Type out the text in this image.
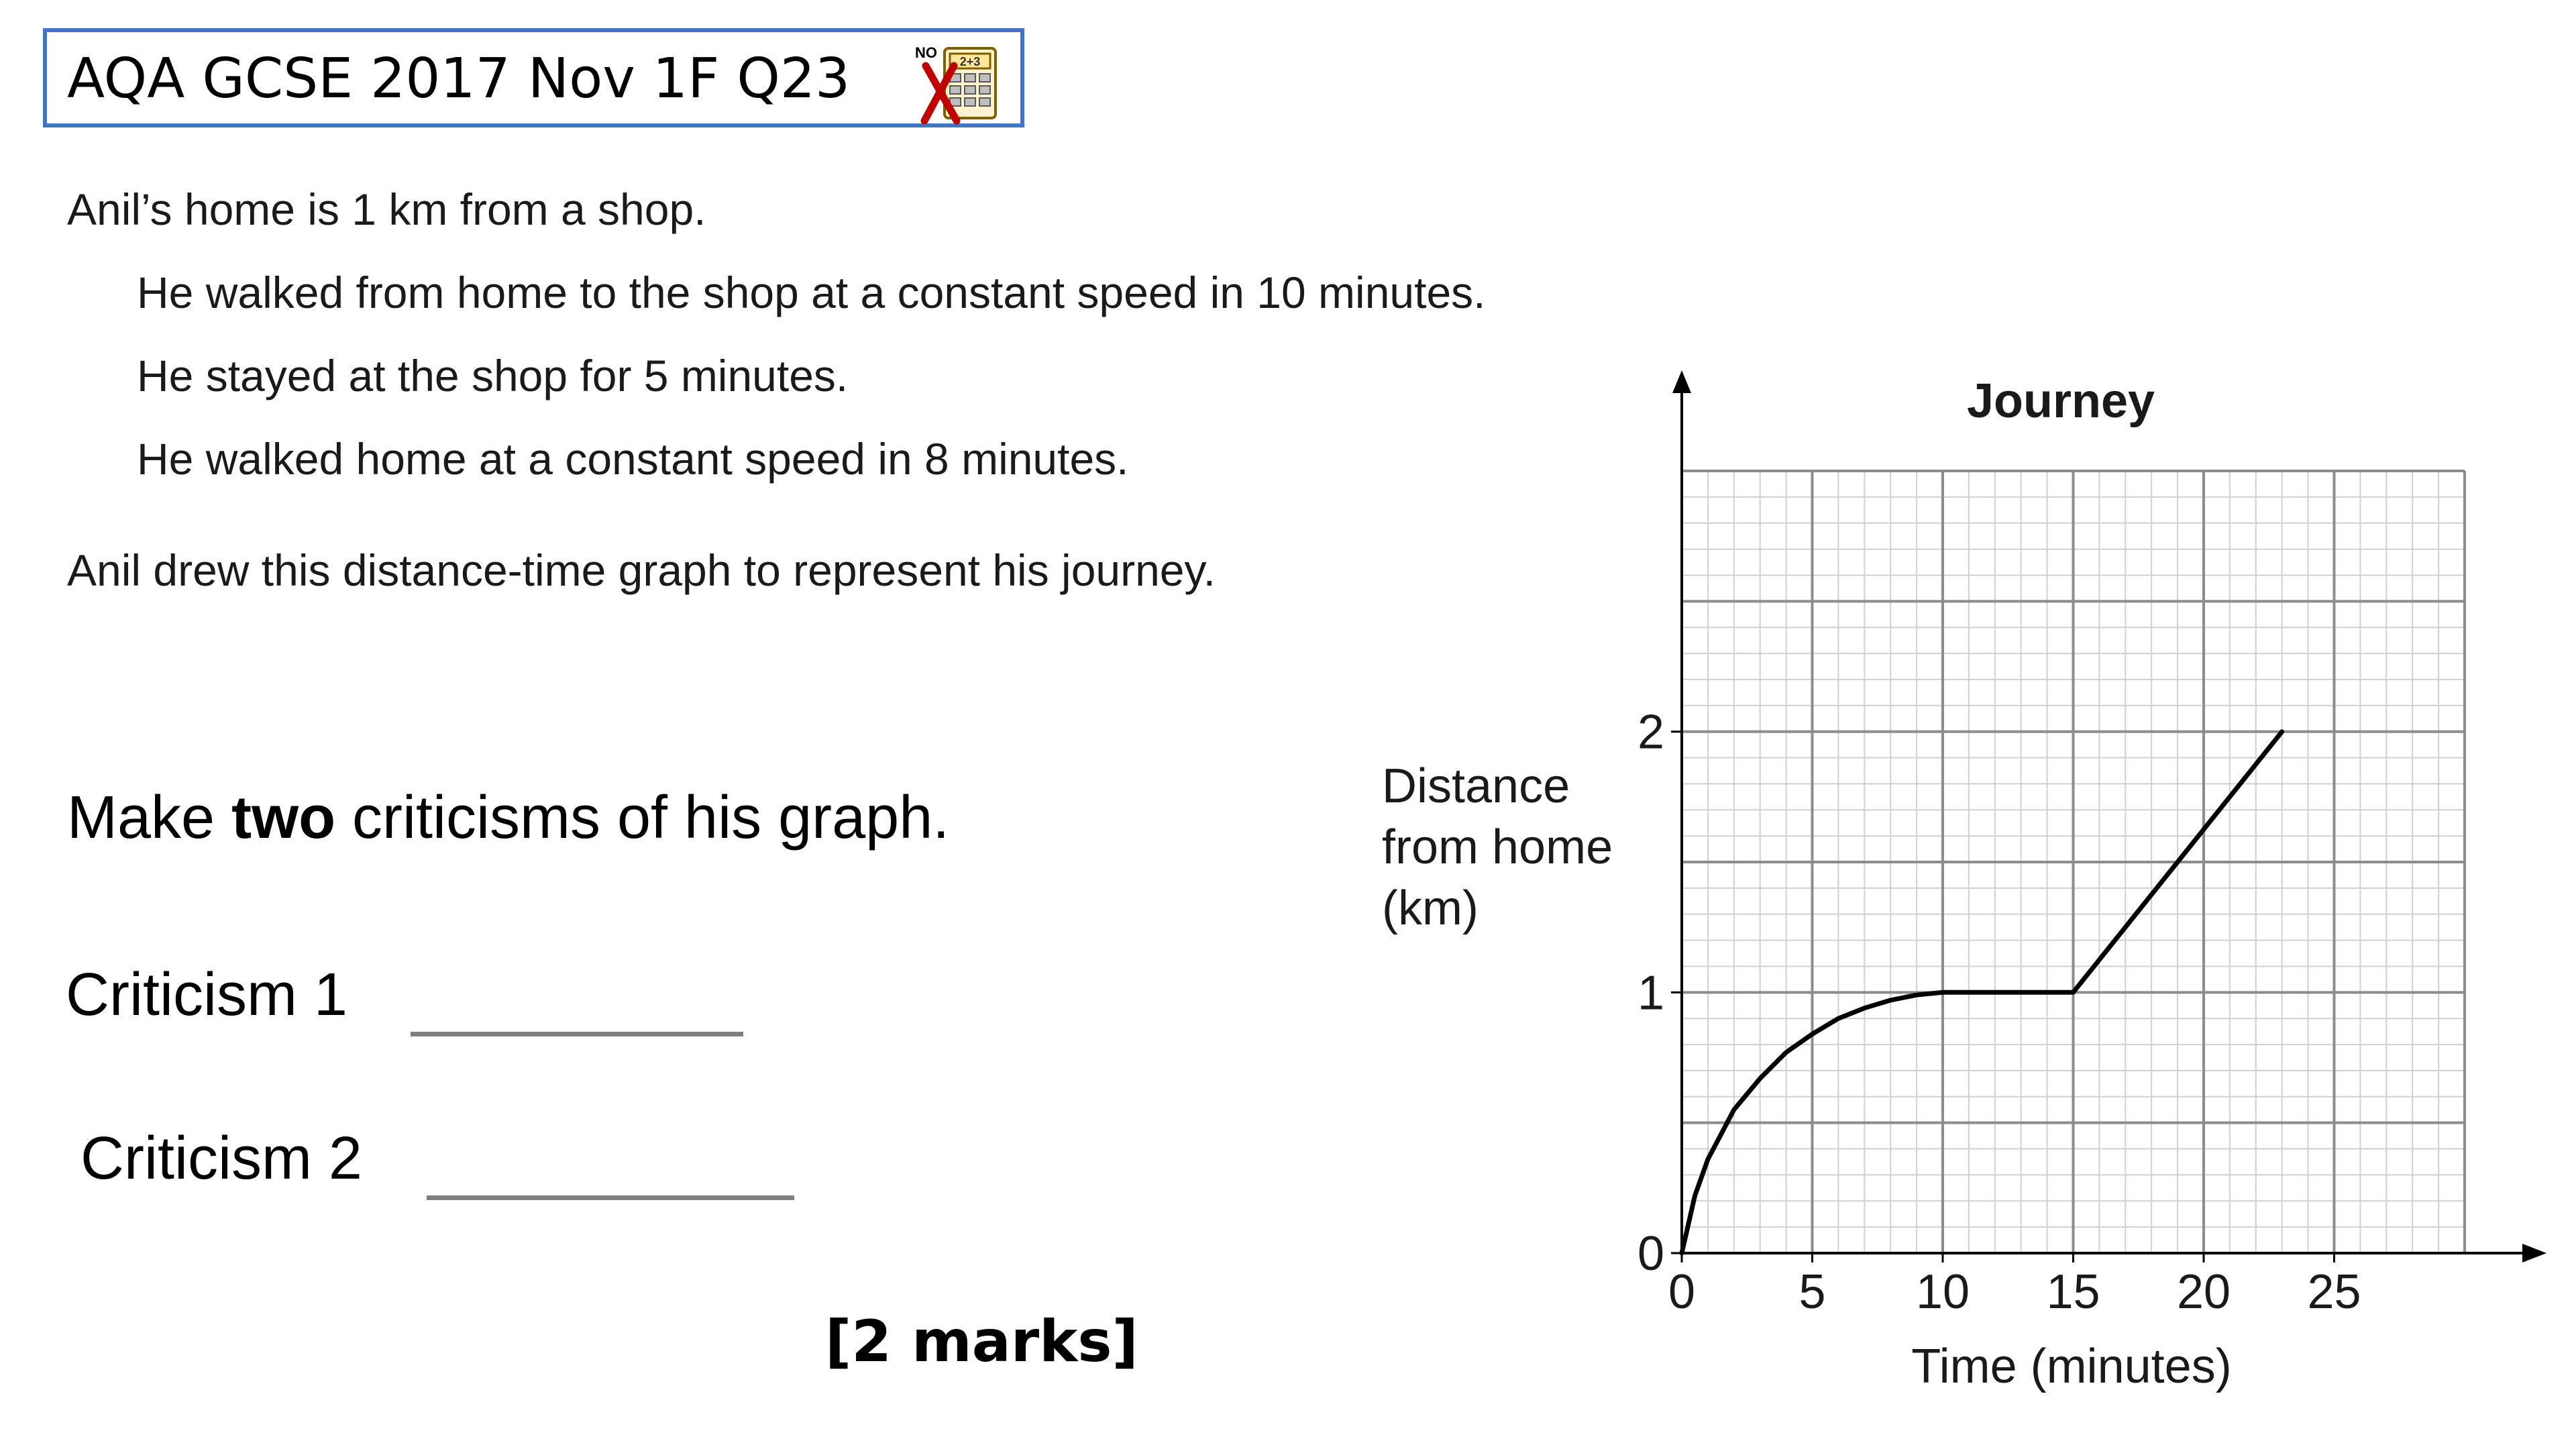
AQA GCSE 2017 Nov 1F Q23	2+3
NO
Anil’s home is 1 km from a shop.
He walked from home to the shop at a constant speed in 10 minutes.
He stayed at the shop for 5 minutes.
He walked home at a constant speed in 8 minutes.
Anil drew this distance-time graph to represent his journey.
Make two criticisms of his graph.
Criticism 1
Criticism 2
[2 marks]
0 5 10 15 20 25
0
1
2
Journey
Time (minutes)
Distance
from home
(km)
